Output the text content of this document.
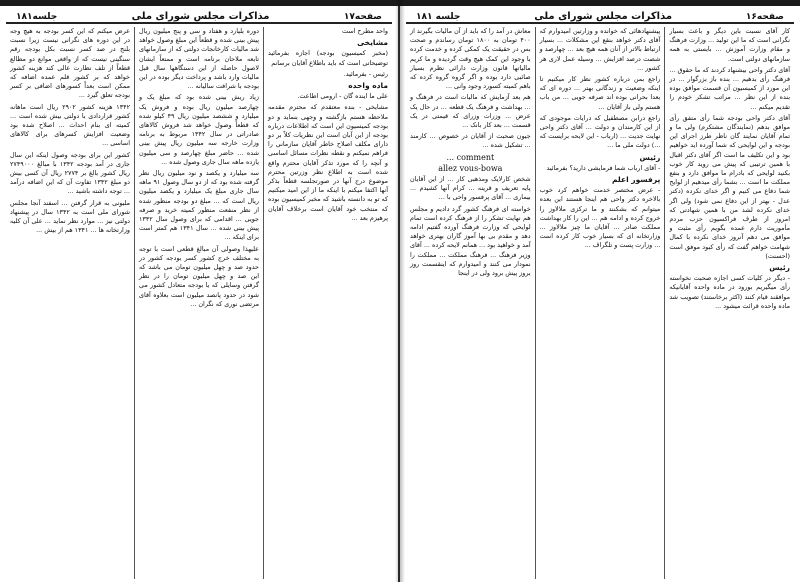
صفحه۱۷
مذاکرات مجلس شورای ملی
جلسه۱۸۱

واحد مطرح است

مشایخی

(مخبر کمیسیون بودجه) اجازه بفرمائید توضیحاتی است که باید باطلاع آقایان برسانم

رئیس - بفرمائید.

ماده واحده

علی ما اینده گان - ارومی اطاعت.

مشایخی - بنده معتقدم که محترم مقدمه ملاحظه هستم بازگشته و وجهی بنماید و دو بودجه کمیسیون این است که اطلاعات درباره بودجه از این آبان است این نظریات کلاً بر دو دارای مکلف اصلاح خاطر آقایان سازمانی را فراهم نمیکنم و نقطه نظرات مسائل اساسی و آنچه را که مورد تذکر آقایان محترم واقع شده است به اطلاع نظر وزرتین محترم موضوع درج آنها در صورتجلسه قطعاً بذکر آنها اکتفا میکنم با اینکه ما از این امید میکنیم که تو به دانسته باشید که مخبر کمیسیون بوده که منتخب خود آقایان است برخلاف آقایان پرهیزم بعد ...

دوره بلیارد و هفتاد و سی و پنج میلیون ریال پیش بینی شده و قطعاً این مبلغ وصول خواهد شد مالیات کارخانجات دولتی که از سازمانهای تابعه ملاحان برنامه است و ممتعاً ایشان لاصول حاصله از این دستگاهها سال قبل مالیات وارد باشد و پرداخت دیگر بوده در این بودجه با شرافت سالیانه ...

زیاد ریش بینی شده بود که مبلغ یک و چهارصد میلیون ریال بوده و فروش یک میلیارد و ششصد میلیون ریال ۴۹ کیلو شده که قطعاً وصول خواهد شد فروش کالاهای صادراتی در سال ۱۳۴۲ مربوط به برنامه وزارت خارجه سه میلیون ریال پیش بینی شده ... حاضر مبلغ چهارصد و سی میلیون یازده ماهه سال جاری وصول شده ...

سه میلیارد و یکصد و نود میلیون ریال نظر گرفته شده بود که از دو سال وصول ۹۱ ماهه سال جاری مبلغ یک میلیارد و یکصد میلیون ریال است که ... مبلغ دو بودجه منظور شده از نظر منفعت منظور کمیته خرید و صرفه جویی ... اقدامی که برای وصول سال ۱۳۴۲ پیش بینی شده ... سال ۱۳۴۱ هم کمتر است برای اینکه ...

علیهذا وصولی آن مبالغ قطعی است با توجه به مختلف خرج کشور کسر بودجه کشور در حدود صد و چهل میلیون تومان می باشد که این صد و چهل میلیون تومان را در نظر گرفتن وسایلی که یا بودجه متعادل کشور می شود در حدود پانصد میلیون است بعلاوه آقای مرتضی نوری که نگران ...

عرض میکنم که این کسر بودجه به هیچ وجه در این دوره های نگرانی نیست زیرا نسبت بلنج در صد کسر نسبت بکل بودجه رقم سنگینی نیست که از واقعی موانع دو مطالع قطعاً از تلف نظارت عالی کند هزینه کشور خواهد که بر کشور قلم عمده اضافه که ممکن است بعداً کسورهای اضافی بر کسر بودجه تعلق گیرد ...

۱۳۴۲ هزینه کشور ۲۹۰۲ ریال است ماهانه کشور قراردادی با دولتی بیش شده است ... کمیته ای بنام احداث ... اصلاح شده بود وضعیت افزایش کسرهای برای کالاهای اساسی ...

کشور این برای بودجه وصول اینکه این سال جاری در آمد بودجه ۱۳۴۲ با مبالغ ۲۷۴۹۰۰۰ ریال کشور بالغ بر ۲۷۷۴ ریال آن کسی بیش دو مبلغ ۱۳۴۲ تفاوت آن که این اضافه درآمد ... توجه داشته باشید ...

ملیونی به قرار گرفتن ... اسفند آنجا مجلس شورای ملی است به ۱۳۴۲ سال در پیشنهاد دولتی نیز ... موارد نظر نماید ... علی آن کلیه وزارتخانه ها ... ۱۳۴۱ هم از بیش ...

صفحه۱۶
مذاکرات مجلس شورای ملی
جلسه ۱۸۱

کار آقای نسبت باین دیگر و باعث بسیار نگرانی است که ما این تولید ... وزارت فرهنگ و مقام وزارت آموزش ... بایستی به همه سازمانهای دولتی است.

آقای دکتر واحی بیشنهاد کردند که ما حقوق ... فرهنگ رأی بدهیم ... بنده باز بزرگوار ... در این مورد از کمیسیون آن قسمت موافق بوده بنده از این نظر ... مراتب تشکر خودم را تقدیم میکنم ...

آقای دکتر واحی بودجه شما رأی متفق رأی موافق بدهم (نمایندگان مشتکرم) ولی ما و تمام آقایان نمایند گان ناظر طرز اجرای این بودجه و این لوایحی که شما آورده اید خواهیم بود و این تکلیف ما است اگر آقای دکتر اقبال با همین ترتیبی که پیش می روید کار خوب بکنید لوایحی که بادرام ما موافق دارد و بنفع مملکت ما است ... بشما رأی میدهیم از لوایح شما دفاع می کنیم و اگر خدای نکرده (دکتر عدل - بهتر از این دفاع نمی شود) ولی اگر خدای نکرده لشد من با همین شهادتی که امروز از طرف فراکسیون حزب مردم مأموریت دارم عمده بگویم رأی مثبت و موافق می دهم آنروز خدای نکرده با کمال شهامت خواهم گفت که رأی کبود موفق است (احسنت)

رئیس

- دیگر در کلیات کسی اجازه صحبت نخواسته رأی میگیریم بورود در ماده واحده آقایانیکه موافقند قیام کنند (اکثر برخاستند) تصویب شد ماده واحده قرائت میشود ...

پیشنهادهائی که خوانده و وزارتین امیدوارم که آقای دکتر خواهد بنقع این مشکلات ... بسیار ارتباط بالاتر از آنان همه هیچ بعد ... چهارصد و شصت درصد افزایش ... وسیله عمل لاری هر کشور ...

راجع بمن درباره کشور نظر کار میکنیم تا اینکه وضعیت و زندگانی بهتر ... دوره ای که بعدا بحرانی بوده اند صرفه جویی ... من باب هستم ولی باز آقایان ...

راجع درابن مصطفیل که درایات موجودی که از این کارمندان و دولت ... آقای دکتر واحی نهایت جدیت ... (ارباب - این لایحه برایست که ...) دولت ملی ما ...

رئیس

- آقای ارباب شما فرمایشی دارید؟ بفرمائید

پرفسور اعلم

- عرض مختصر خدمت خواهم کرد خوب بالاخره دکتر واحی هم اینجا هستند این بعده میتوانم که بشکنند و ما ترکزی ملالاوز را خروج کرده و ادامه هم ... این را کار بهداشت مملکت صادر ... آقایان ما چیز ملالاوز ... وزارتخانه ای که بسیار خوب کار کرده است ... وزارت پست و تلگراف ...

معاش در آمد را که باید از آن مالیات بگیرند از ۴۰۰ تومان به ۱۸۰۰ تومان رساندم و صحت بس در حقیقت یک کمکی کرده و خدمت کرده با وجود این کمک هیچ وقت گردیده و ما کریم مالیاتها قانون وزارت دارائی نظرم بسیار صائبی دارد بوده و اگر گروه گروه کرده که باهم کمیته کسورد وجود وانی ...

هم بعد آزمایش که مالیات است در فرهنگ و ... بهداشت و فرهنگ یک قطعه ... در حال یک عرض ... وزرات وزرای که قیمتی در یک قسمت ... بعد کار بانک ...

جیون صحبت از آقایان در خصوص ... کارمند ... تشکیل شده ...

... comment

allez vous-bowa

شخص کارلایک ومذهبی کار ... از این آقایان پایه تعریف و قرینه ... کرام آنها کشیدم ... بیماری ... آقای پرفسور واحی با ...

خواسته ای فرهنگ کشور گرد دادیم و مجلس هم نهایت تشکر را از فرهنگ کرده است تمام لوایحی که وزارت فرهنگ آورده گفتیم ادامه دهد و مقدم بی بها آموز گاران بهتری خواهد آمد و خواهید بود ... همانم لایحه کرده ... آقای وزیر فرهنگ ... فرهنگ مملکت ... مملکت را نمودار می کنند و امیدوارم که اینقسمت روز بروز پیش برود ولی در اینجا
